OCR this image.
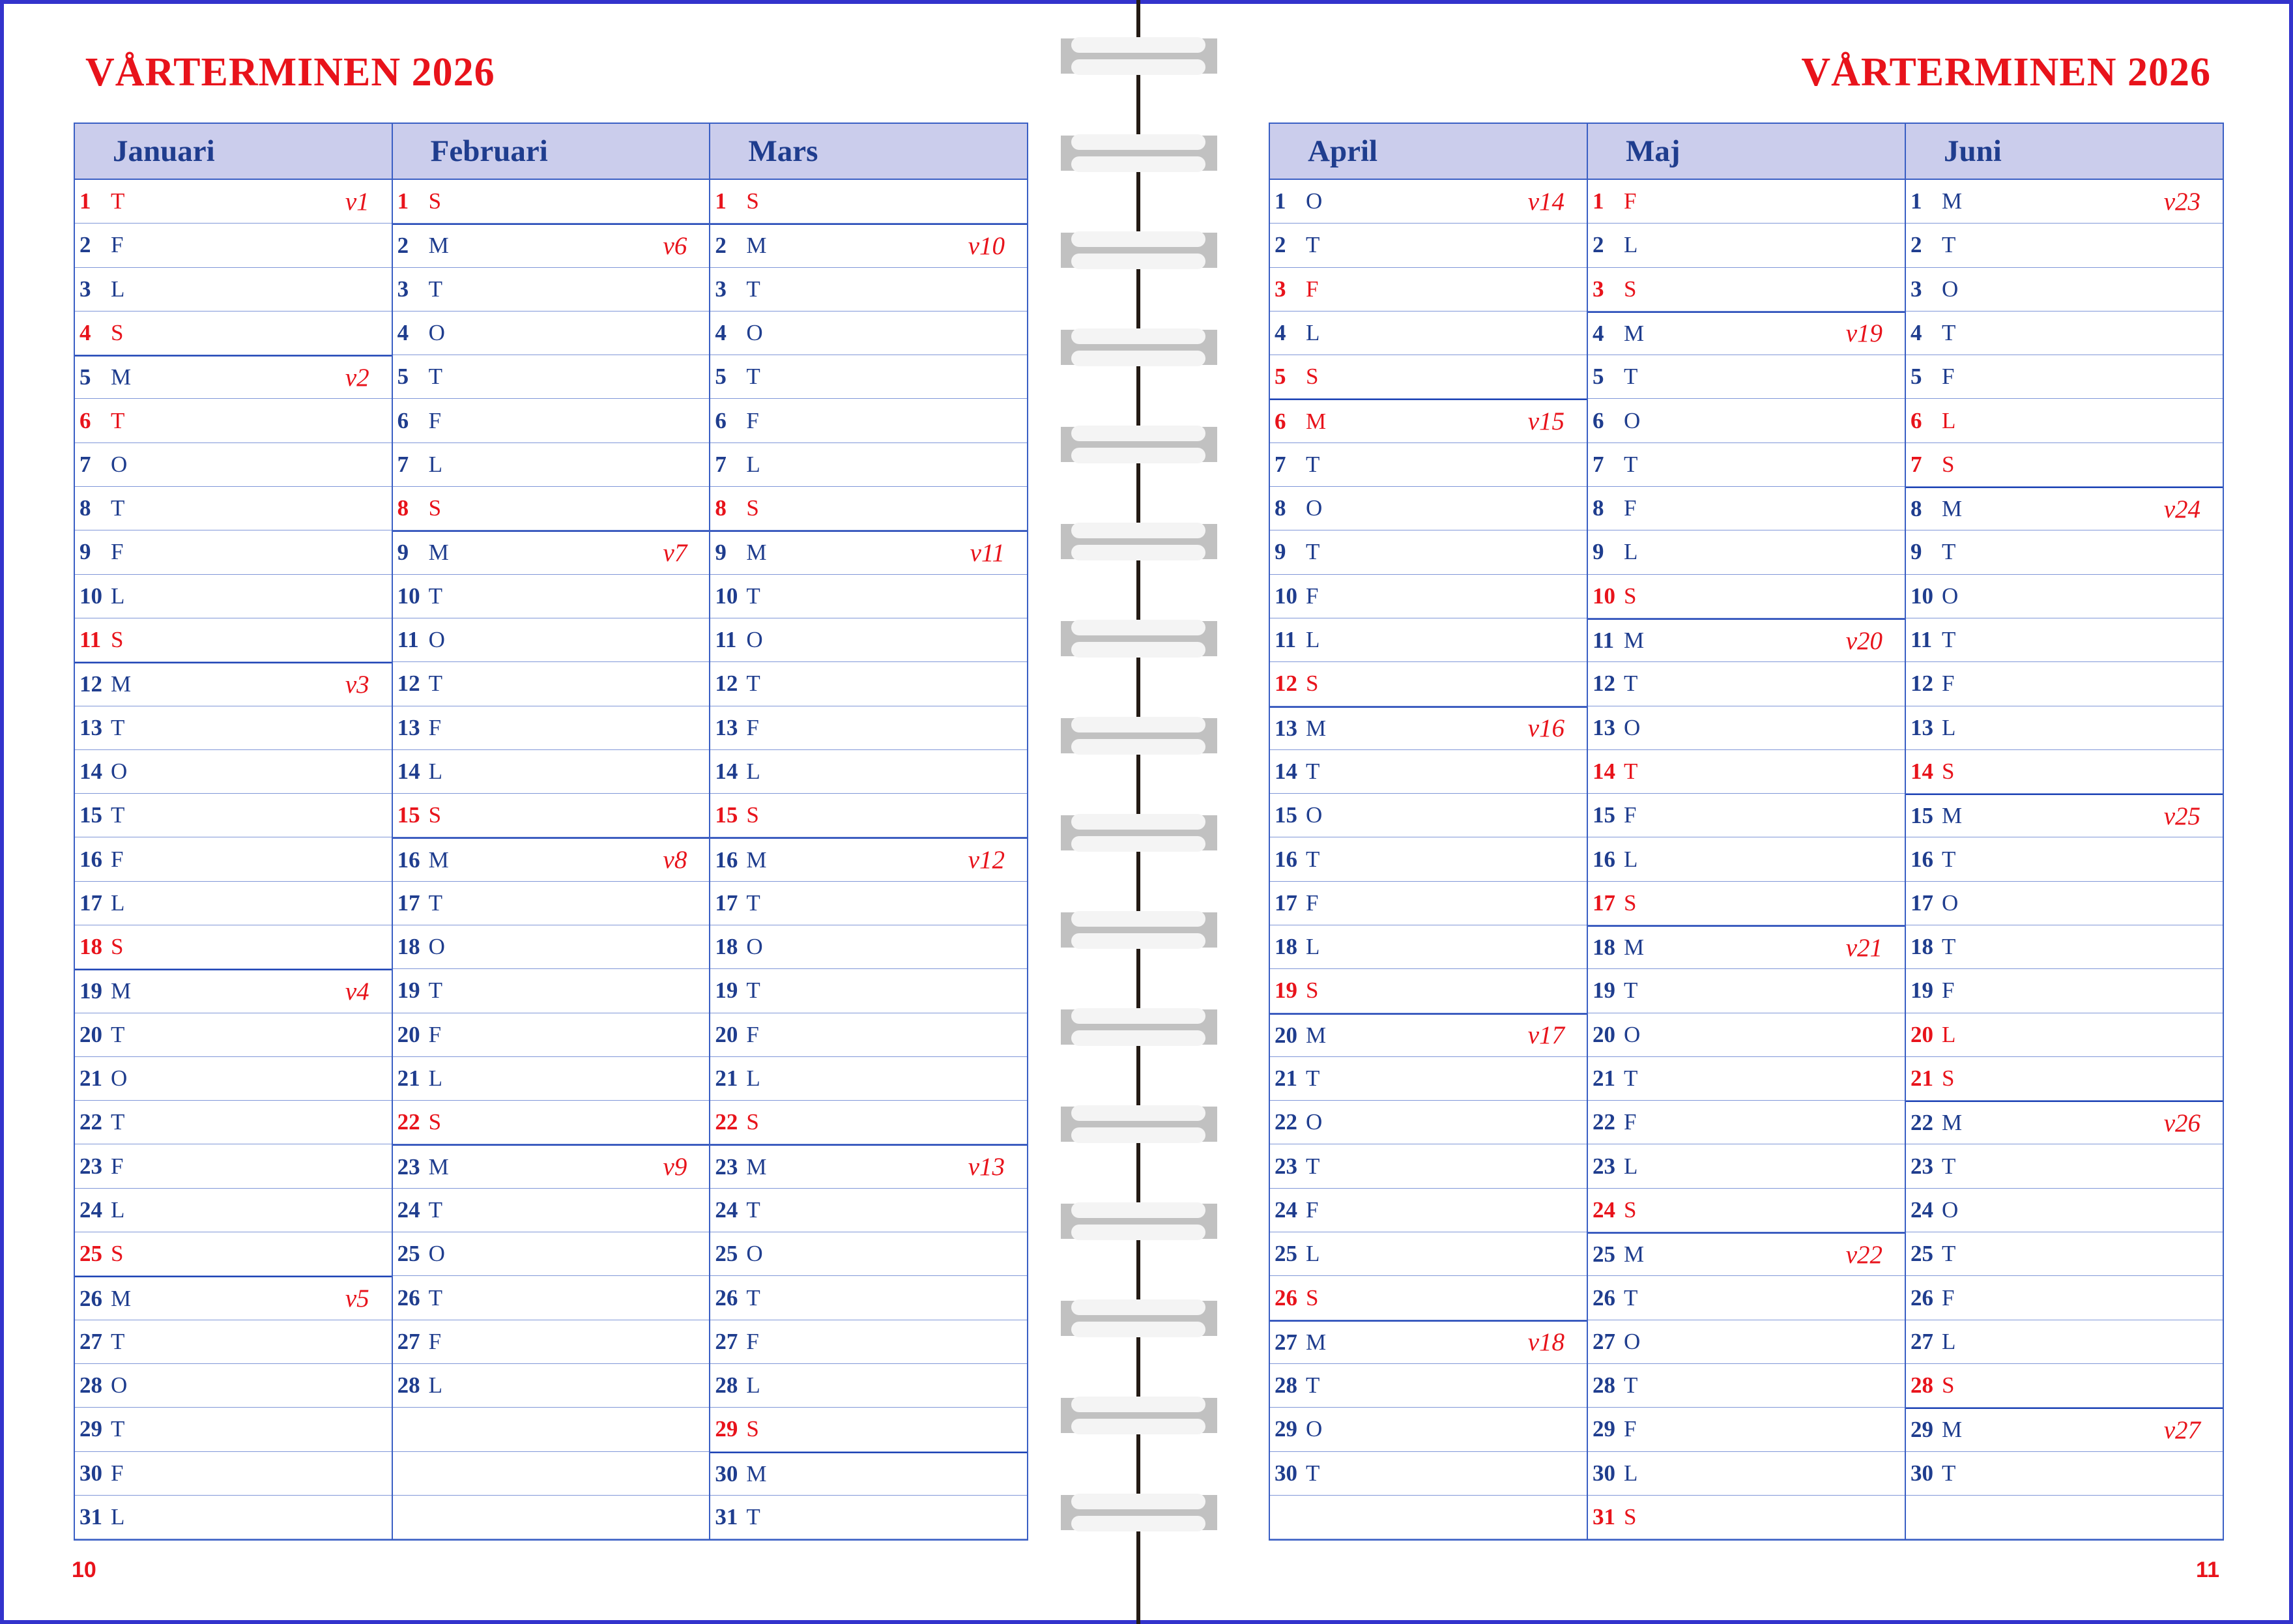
VÅRTERMINEN 2026	VÅRTERMINEN 2026
Januari
1 T	v1
2 F
3 L
4 S
5 M	v2
6 T
7 O
8 T
9 F
10 L
11 S
12 M	v3
13 T
14 O
15 T
16 F
17 L
18 S
19 M	v4
20 T
21 O
22 T
23 F
24 L
25 S
26 M	v5
27 T
28 O
29 T
30 F
31 L
Februari
1 S
2 M	v6
3 T
4 O
5 T
6 F
7 L
8 S
9 M	v7
10 T
11 O
12 T
13 F
14 L
15 S
16 M	v8
17 T
18 O
19 T
20 F
21 L
22 S
23 M	v9
24 T
25 O
26 T
27 F
28 L
Mars
1 S
2 M	v10
3 T
4 O
5 T
6 F
7 L
8 S
9 M	v11
10 T
11 O
12 T
13 F
14 L
15 S
16 M	v12
17 T
18 O
19 T
20 F
21 L
22 S
23 M	v13
24 T
25 O
26 T
27 F
28 L
29 S
30 M
31 T
April
1 O	v14
2 T
3 F
4 L
5 S
6 M	v15
7 T
8 O
9 T
10 F
11 L
12 S
13 M	v16
14 T
15 O
16 T
17 F
18 L
19 S
20 M	v17
21 T
22 O
23 T
24 F
25 L
26 S
27 M	v18
28 T
29 O
30 T
Maj
1 F
2 L
3 S
4 M	v19
5 T
6 O
7 T
8 F
9 L
10 S
11 M	v20
12 T
13 O
14 T
15 F
16 L
17 S
18 M	v21
19 T
20 O
21 T
22 F
23 L
24 S
25 M	v22
26 T
27 O
28 T
29 F
30 L
31 S
Juni
1 M	v23
2 T
3 O
4 T
5 F
6 L
7 S
8 M	v24
9 T
10 O
11 T
12 F
13 L
14 S
15 M	v25
16 T
17 O
18 T
19 F
20 L
21 S
22 M	v26
23 T
24 O
25 T
26 F
27 L
28 S
29 M	v27
30 T
10	11
